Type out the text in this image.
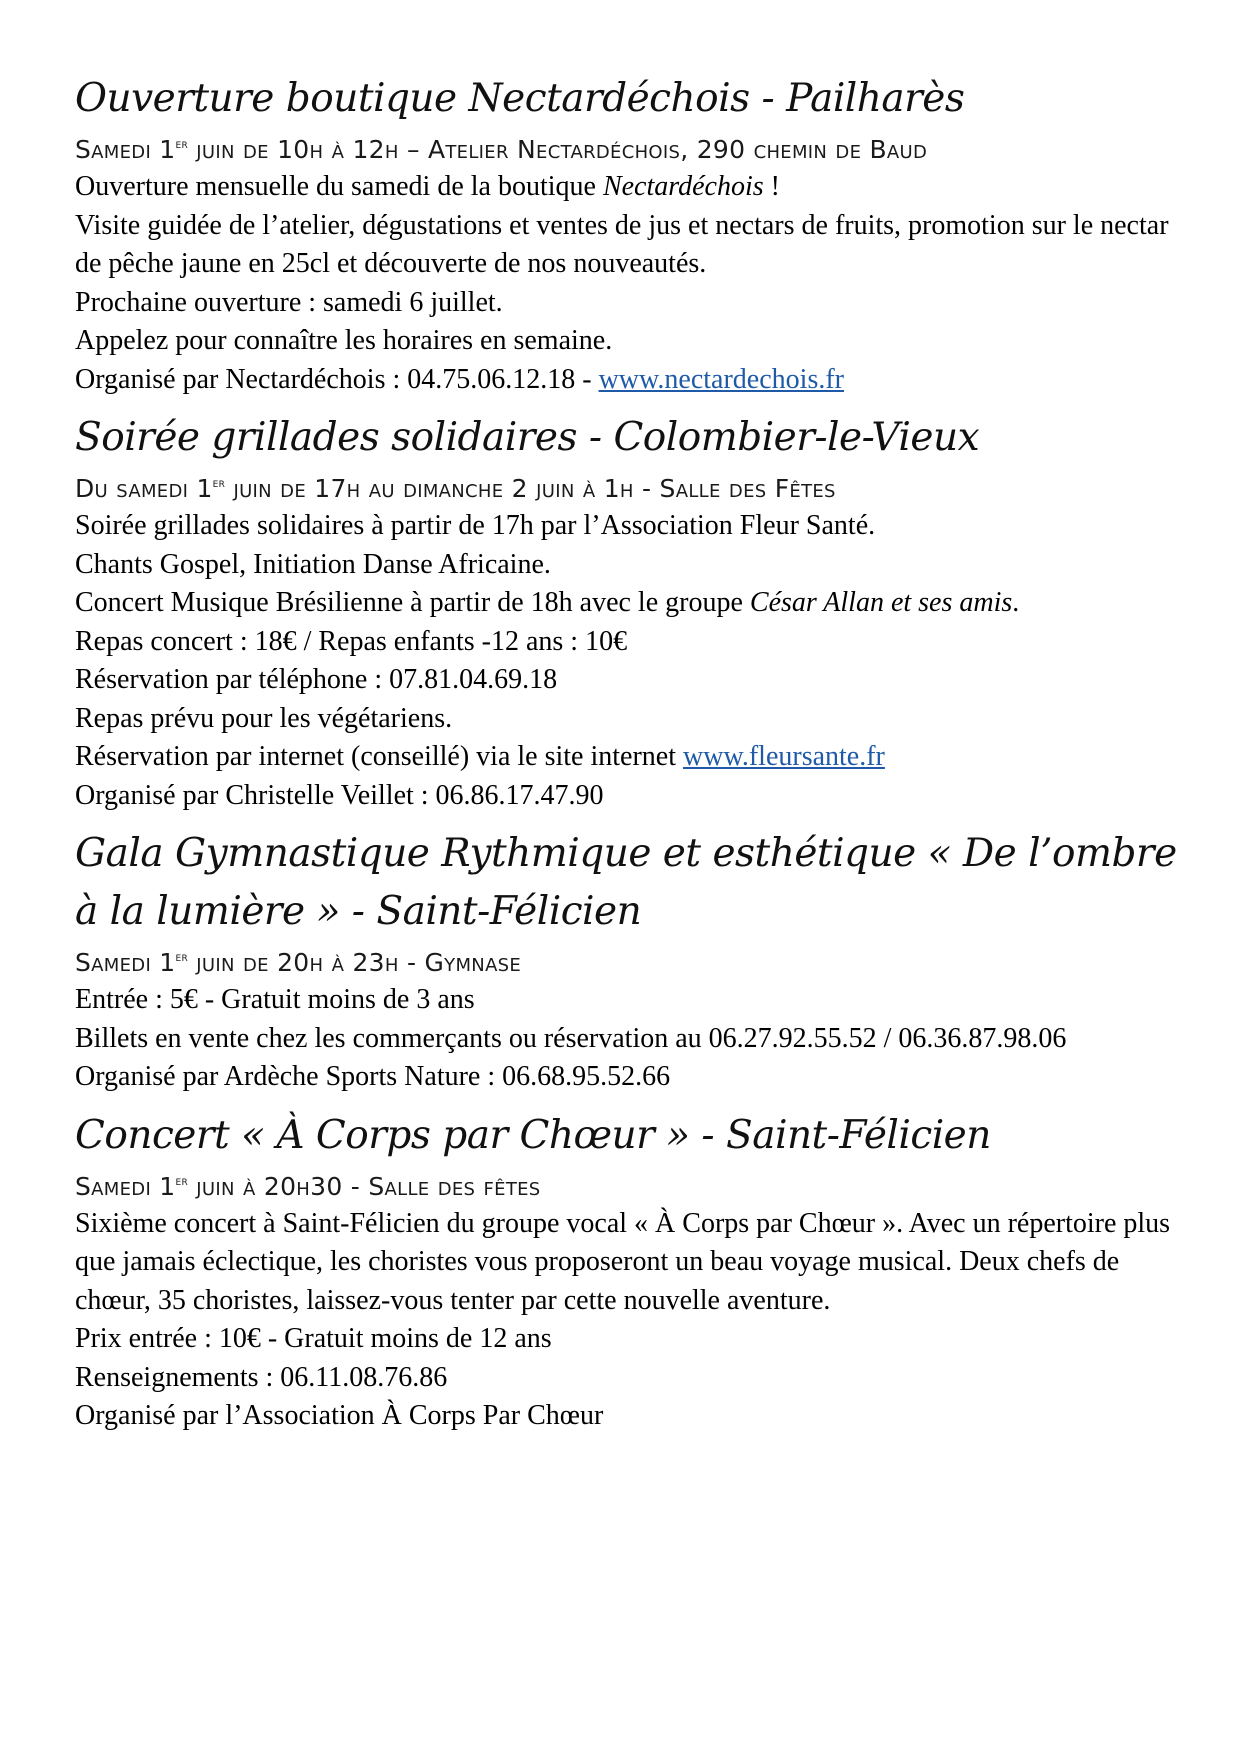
Ouverture boutique Nectardéchois - Pailharès

Samedi 1er juin de 10h à 12h – Atelier Nectardéchois, 290 chemin de Baud

Ouverture mensuelle du samedi de la boutique Nectardéchois !

Visite guidée de l’atelier, dégustations et ventes de jus et nectars de fruits, promotion sur le nectar de pêche jaune en 25cl et découverte de nos nouveautés.

Prochaine ouverture : samedi 6 juillet.

Appelez pour connaître les horaires en semaine.

Organisé par Nectardéchois : 04.75.06.12.18 - www.nectardechois.fr

Soirée grillades solidaires - Colombier-le-Vieux

Du samedi 1er juin de 17h au dimanche 2 juin à 1h - Salle des Fêtes

Soirée grillades solidaires à partir de 17h par l’Association Fleur Santé.

Chants Gospel, Initiation Danse Africaine.

Concert Musique Brésilienne à partir de 18h avec le groupe César Allan et ses amis.

Repas concert : 18€ / Repas enfants -12 ans : 10€

Réservation par téléphone : 07.81.04.69.18

Repas prévu pour les végétariens.

Réservation par internet (conseillé) via le site internet www.fleursante.fr

Organisé par Christelle Veillet : 06.86.17.47.90

Gala Gymnastique Rythmique et esthétique « De l’ombre à la lumière » - Saint-Félicien

Samedi 1er juin de 20h à 23h - Gymnase

Entrée : 5€ - Gratuit moins de 3 ans

Billets en vente chez les commerçants ou réservation au 06.27.92.55.52 / 06.36.87.98.06

Organisé par Ardèche Sports Nature : 06.68.95.52.66

Concert « À Corps par Chœur » - Saint-Félicien

Samedi 1er juin à 20h30 - Salle des fêtes

Sixième concert à Saint-Félicien du groupe vocal « À Corps par Chœur ». Avec un répertoire plus que jamais éclectique, les choristes vous proposeront un beau voyage musical. Deux chefs de chœur, 35 choristes, laissez-vous tenter par cette nouvelle aventure.

Prix entrée : 10€ - Gratuit moins de 12 ans

Renseignements : 06.11.08.76.86

Organisé par l’Association À Corps Par Chœur
